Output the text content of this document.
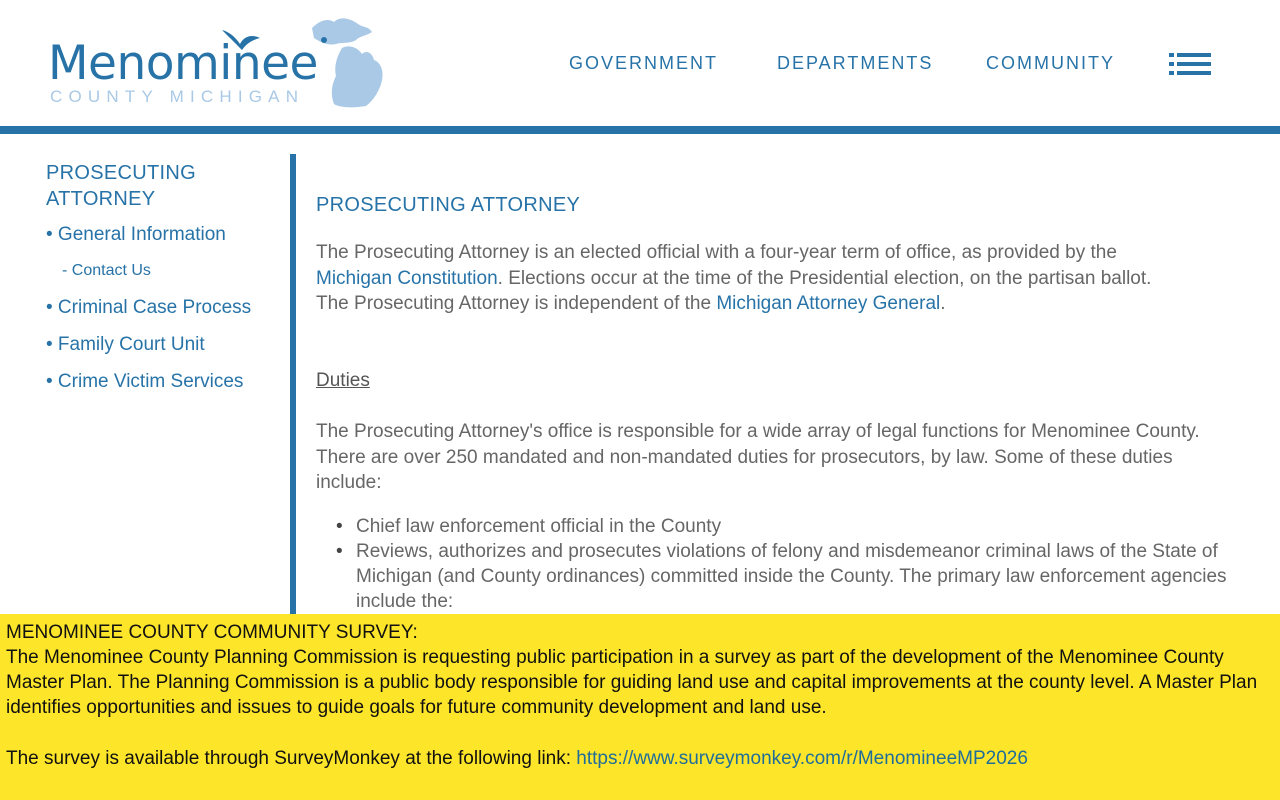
Menominee
COUNTY MICHIGAN
GOVERNMENT	DEPARTMENTS	COMMUNITY
PROSECUTING
ATTORNEY
• General Information
- Contact Us
• Criminal Case Process
• Family Court Unit
• Crime Victim Services
PROSECUTING ATTORNEY
The Prosecuting Attorney is an elected official with a four-year term of office, as provided by the
Michigan Constitution. Elections occur at the time of the Presidential election, on the partisan ballot.
The Prosecuting Attorney is independent of the Michigan Attorney General.
Duties
The Prosecuting Attorney's office is responsible for a wide array of legal functions for Menominee County. There are over 250 mandated and non-mandated duties for prosecutors, by law. Some of these duties include:
• Chief law enforcement official in the County
• Reviews, authorizes and prosecutes violations of felony and misdemeanor criminal laws of the State of Michigan (and County ordinances) committed inside the County. The primary law enforcement agencies include the:
MENOMINEE COUNTY COMMUNITY SURVEY:
The Menominee County Planning Commission is requesting public participation in a survey as part of the development of the Menominee County Master Plan. The Planning Commission is a public body responsible for guiding land use and capital improvements at the county level. A Master Plan identifies opportunities and issues to guide goals for future community development and land use.
The survey is available through SurveyMonkey at the following link: https://www.surveymonkey.com/r/MenomineeMP2026
